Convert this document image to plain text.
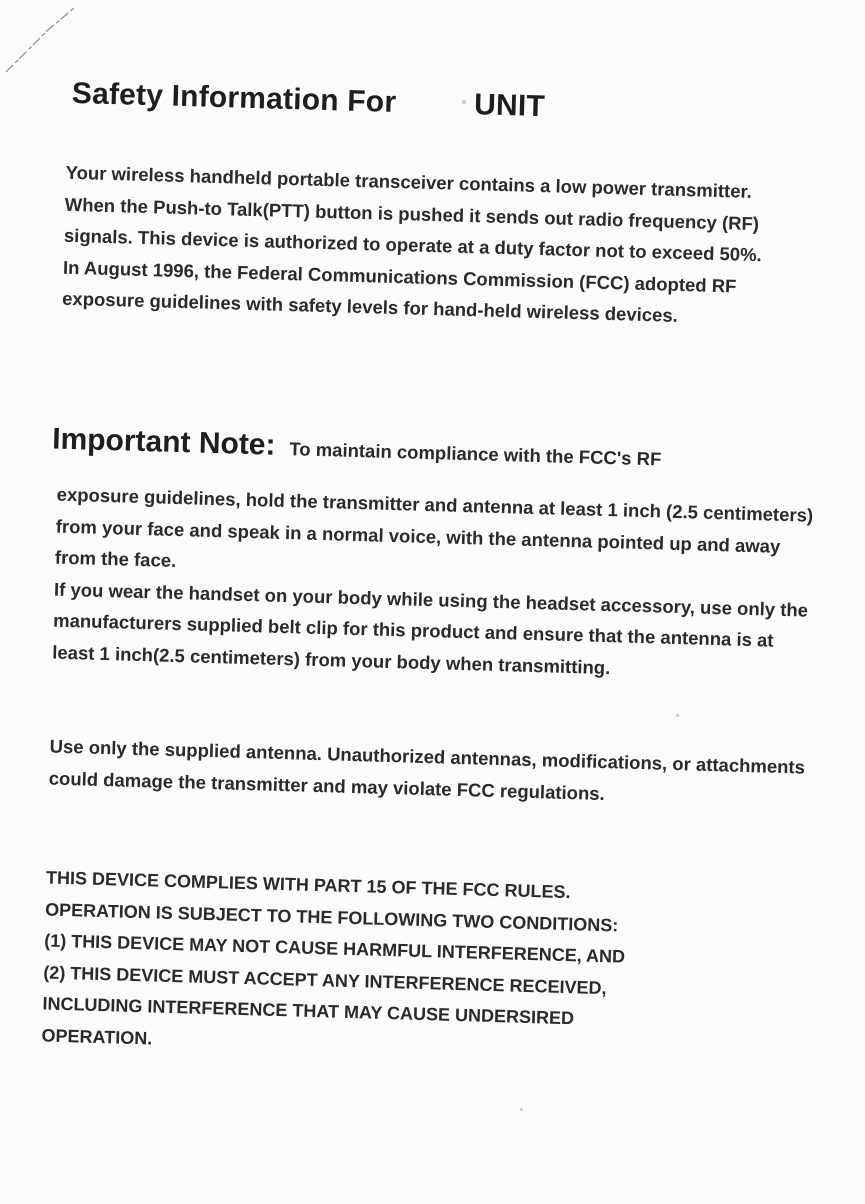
Safety Information For	UNIT

Your wireless handheld portable transceiver contains a low power transmitter.

When the Push-to Talk(PTT) button is pushed it sends out radio frequency (RF) signals. This device is authorized to operate at a duty factor not to exceed 50%.

In August 1996, the Federal Communications Commission (FCC) adopted RF exposure guidelines with safety levels for hand-held wireless devices.

Important Note: To maintain compliance with the FCC's RF

exposure guidelines, hold the transmitter and antenna at least 1 inch (2.5 centimeters) from your face and speak in a normal voice, with the antenna pointed up and away from the face.

If you wear the handset on your body while using the headset accessory, use only the manufacturers supplied belt clip for this product and ensure that the antenna is at least 1 inch(2.5 centimeters) from your body when transmitting.

Use only the supplied antenna. Unauthorized antennas, modifications, or attachments could damage the transmitter and may violate FCC regulations.

THIS DEVICE COMPLIES WITH PART 15 OF THE FCC RULES.

OPERATION IS SUBJECT TO THE FOLLOWING TWO CONDITIONS:

(1) THIS DEVICE MAY NOT CAUSE HARMFUL INTERFERENCE, AND

(2) THIS DEVICE MUST ACCEPT ANY INTERFERENCE RECEIVED,

INCLUDING INTERFERENCE THAT MAY CAUSE UNDERSIRED

OPERATION.
